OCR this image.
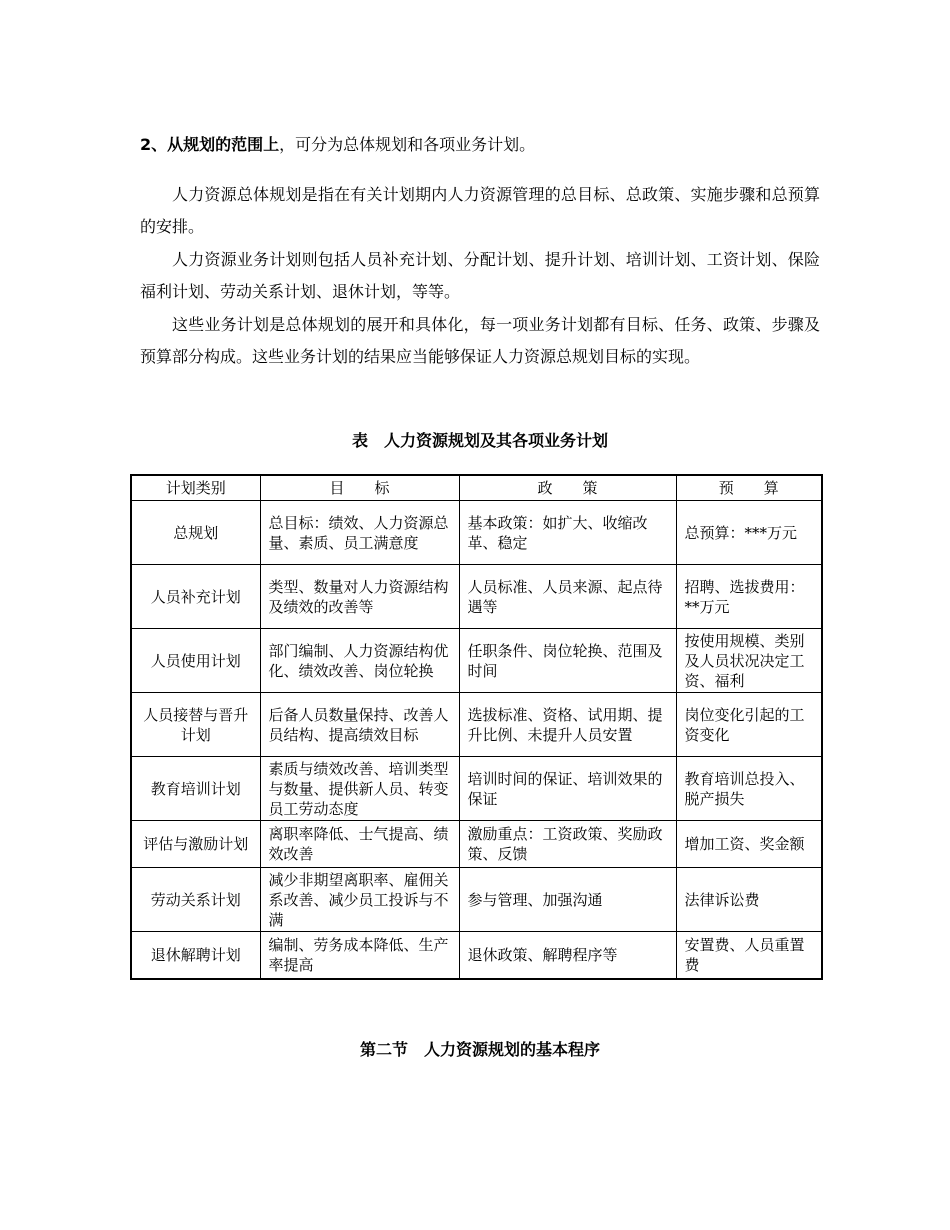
2、从规划的范围上，可分为总体规划和各项业务计划。

人力资源总体规划是指在有关计划期内人力资源管理的总目标、总政策、实施步骤和总预算的安排。

人力资源业务计划则包括人员补充计划、分配计划、提升计划、培训计划、工资计划、保险福利计划、劳动关系计划、退休计划，等等。

这些业务计划是总体规划的展开和具体化，每一项业务计划都有目标、任务、政策、步骤及预算部分构成。这些业务计划的结果应当能够保证人力资源总规划目标的实现。

表　人力资源规划及其各项业务计划
计划类别	目　　标	政　　策	预　　算
总规划	总目标：绩效、人力资源总量、素质、员工满意度	基本政策：如扩大、收缩改革、稳定	总预算：***万元
人员补充计划	类型、数量对人力资源结构及绩效的改善等	人员标准、人员来源、起点待遇等	招聘、选拔费用：**万元
人员使用计划	部门编制、人力资源结构优化、绩效改善、岗位轮换	任职条件、岗位轮换、范围及时间	按使用规模、类别及人员状况决定工资、福利
人员接替与晋升计划	后备人员数量保持、改善人员结构、提高绩效目标	选拔标准、资格、试用期、提升比例、未提升人员安置	岗位变化引起的工资变化
教育培训计划	素质与绩效改善、培训类型与数量、提供新人员、转变员工劳动态度	培训时间的保证、培训效果的保证	教育培训总投入、脱产损失
评估与激励计划	离职率降低、士气提高、绩效改善	激励重点：工资政策、奖励政策、反馈	增加工资、奖金额
劳动关系计划	减少非期望离职率、雇佣关系改善、减少员工投诉与不满	参与管理、加强沟通	法律诉讼费
退休解聘计划	编制、劳务成本降低、生产率提高	退休政策、解聘程序等	安置费、人员重置费
第二节　人力资源规划的基本程序
